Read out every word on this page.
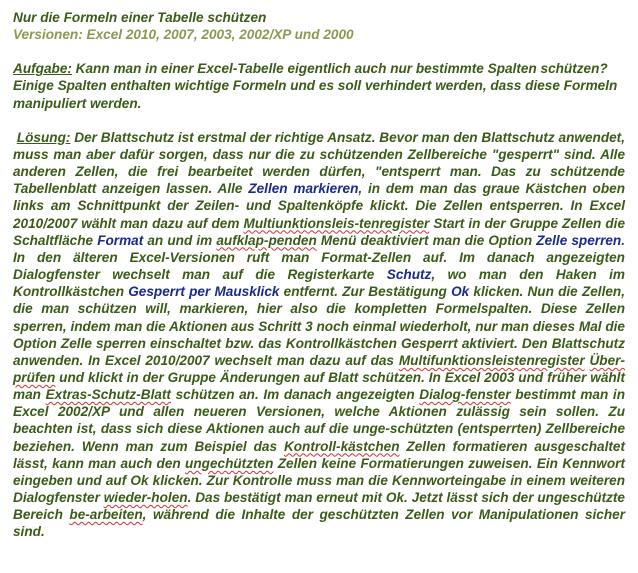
Nur die Formeln einer Tabelle schützen

Versionen: Excel 2010, 2007, 2003, 2002/XP und 2000

Aufgabe: Kann man in einer Excel-Tabelle eigentlich auch nur bestimmte Spalten schützen? Einige Spalten enthalten wichtige Formeln und es soll verhindert werden, dass diese Formeln manipuliert werden.

Lösung: Der Blattschutz ist erstmal der richtige Ansatz. Bevor man den Blattschutz anwendet, muss man aber dafür sorgen, dass nur die zu schützenden Zellbereiche "gesperrt" sind. Alle anderen Zellen, die frei bearbeitet werden dürfen, "entsperrt man. Das zu schützende Tabellenblatt anzeigen lassen. Alle Zellen markieren, in dem man das graue Kästchen oben links am Schnittpunkt der Zeilen- und Spaltenköpfe klickt. Die Zellen entsperren. In Excel 2010/2007 wählt man dazu auf dem Multiunktionsleis-tenregister Start in der Gruppe Zellen die Schaltfläche Format an und im aufklap-penden Menü deaktiviert man die Option Zelle sperren. In den älteren Excel-Versionen ruft man Format-Zellen auf. Im danach angezeigten Dialogfenster wechselt man auf die Registerkarte Schutz, wo man den Haken im Kontrollkästchen Gesperrt per Mausklick entfernt. Zur Bestätigung Ok klicken. Nun die Zellen, die man schützen will, markieren, hier also die kompletten Formelspalten. Diese Zellen sperren, indem man die Aktionen aus Schritt 3 noch einmal wiederholt, nur man dieses Mal die Option Zelle sperren einschaltet bzw. das Kontrollkästchen Gesperrt aktiviert. Den Blattschutz anwenden. In Excel 2010/2007 wechselt man dazu auf das Multifunktionsleistenregister Über-prüfen und klickt in der Gruppe Änderungen auf Blatt schützen. In Excel 2003 und früher wählt man Extras-Schutz-Blatt schützen an. Im danach angezeigten Dialog-fenster bestimmt man in Excel 2002/XP und allen neueren Versionen, welche Aktionen zulässig sein sollen. Zu beachten ist, dass sich diese Aktionen auch auf die unge-schützten (entsperrten) Zellbereiche beziehen. Wenn man zum Beispiel das Kontroll-kästchen Zellen formatieren ausgeschaltet lässt, kann man auch den ungechützten Zellen keine Formatierungen zuweisen. Ein Kennwort eingeben und auf Ok klicken. Zur Kontrolle muss man die Kennworteingabe in einem weiteren Dialogfenster wieder-holen. Das bestätigt man erneut mit Ok. Jetzt lässt sich der ungeschützte Bereich be-arbeiten, während die Inhalte der geschützten Zellen vor Manipulationen sicher sind.
